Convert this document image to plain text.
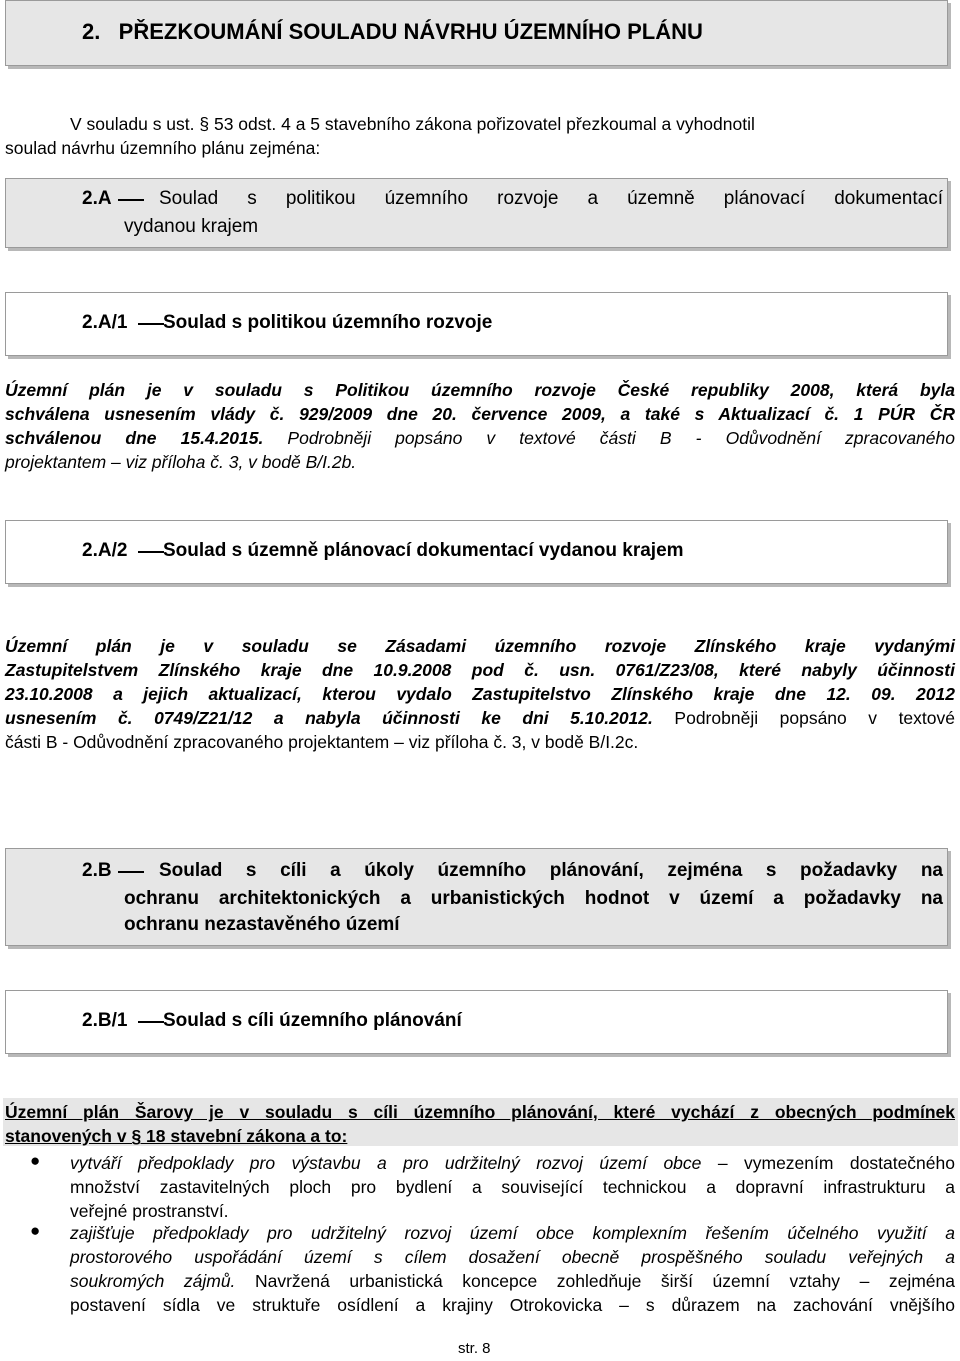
2.   PŘEZKOUMÁNÍ SOULADU NÁVRHU ÚZEMNÍHO PLÁNU
V souladu s ust. § 53 odst. 4 a 5 stavebního zákona pořizovatel přezkoumal a vyhodnotil
soulad návrhu územního plánu zejména:
2.A Soulad s politikou územního rozvoje a územně plánovací dokumentací
vydanou krajem
2.A/1 Soulad s politikou územního rozvoje
Územní plán je v souladu s Politikou územního rozvoje České republiky 2008, která byla
schválena usnesením vlády č. 929/2009 dne 20. července 2009, a také s Aktualizací č. 1 PÚR ČR
schválenou dne 15.4.2015. Podrobněji popsáno v textové části B - Odůvodnění zpracovaného
projektantem – viz příloha č. 3, v bodě B/I.2b.
2.A/2 Soulad s územně plánovací dokumentací vydanou krajem
Územní plán je v souladu se Zásadami územního rozvoje Zlínského kraje vydanými
Zastupitelstvem Zlínského kraje dne 10.9.2008 pod č. usn. 0761/Z23/08, které nabyly účinnosti
23.10.2008 a jejich aktualizací, kterou vydalo Zastupitelstvo Zlínského kraje dne 12. 09. 2012
usnesením č. 0749/Z21/12 a nabyla účinnosti ke dni 5.10.2012. Podrobněji popsáno v textové
části B - Odůvodnění zpracovaného projektantem – viz příloha č. 3, v bodě B/I.2c.
2.B Soulad s cíli a úkoly územního plánování, zejména s požadavky na
ochranu architektonických a urbanistických hodnot v území a požadavky na
ochranu nezastavěného území
2.B/1 Soulad s cíli územního plánování
Územní plán Šarovy je v souladu s cíli územního plánování, které vychází z obecných podmínek
stanovených v § 18 stavební zákona a to:
● vytváří předpoklady pro výstavbu a pro udržitelný rozvoj území obce – vymezením dostatečného
množství zastavitelných ploch pro bydlení a související technickou a dopravní infrastrukturu a
veřejné prostranství.
● zajišťuje předpoklady pro udržitelný rozvoj území obce komplexním řešením účelného využití a
prostorového uspořádání území s cílem dosažení obecně prospěšného souladu veřejných a
soukromých zájmů. Navržená urbanistická koncepce zohledňuje širší územní vztahy – zejména
postavení sídla ve struktuře osídlení a krajiny Otrokovicka – s důrazem na zachování vnějšího
str. 8
